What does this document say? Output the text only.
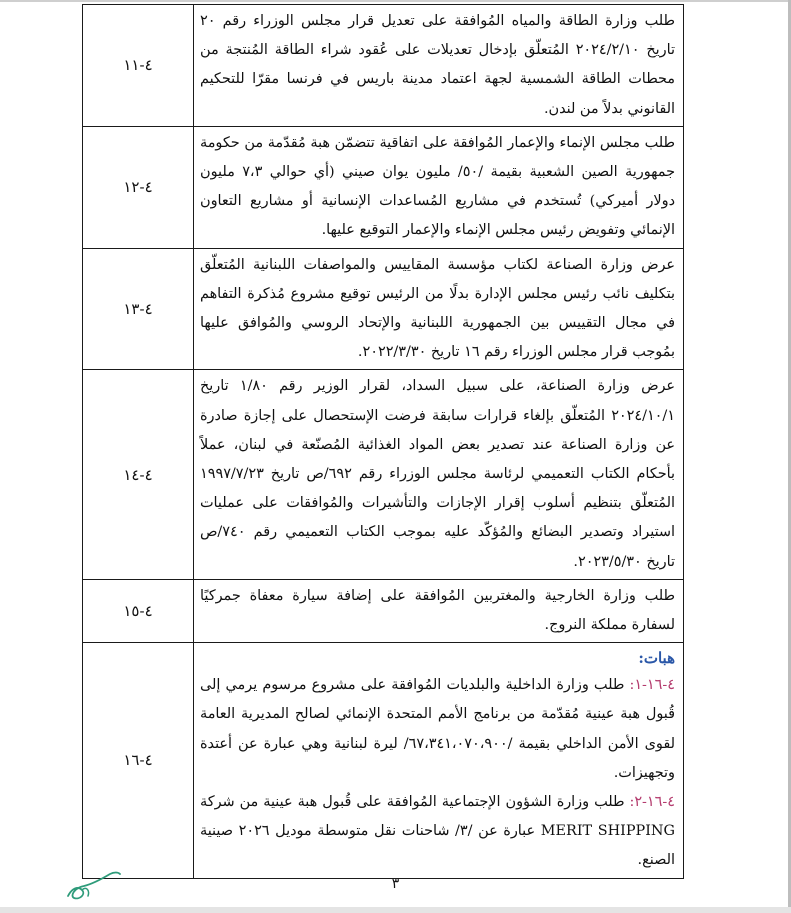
طلب وزارة الطاقة والمياه المُوافقة على تعديل قرار مجلس الوزراء رقم ٢٠ تاريخ ٢٠٢٤/٢/١٠ المُتعلّق بإدخال تعديلات على عُقود شراء الطاقة المُنتجة من محطات الطاقة الشمسية لجهة اعتماد مدينة باريس في فرنسا مقرّا للتحكيم القانوني بدلاً من لندن.	٤-١١
طلب مجلس الإنماء والإعمار المُوافقة على اتفاقية تتضمّن هبة مُقدّمة من حكومة جمهورية الصين الشعبية بقيمة /٥٠/ مليون يوان صيني (أي حوالي ٧،٣ مليون دولار أميركي) تُستخدم في مشاريع المُساعدات الإنسانية أو مشاريع التعاون الإنمائي وتفويض رئيس مجلس الإنماء والإعمار التوقيع عليها.	٤-١٢
عرض وزارة الصناعة لكتاب مؤسسة المقاييس والمواصفات اللبنانية المُتعلّق بتكليف نائب رئيس مجلس الإدارة بدلًا من الرئيس توقيع مشروع مُذكرة التفاهم في مجال التقييس بين الجمهورية اللبنانية والإتحاد الروسي والمُوافق عليها بمُوجب قرار مجلس الوزراء رقم ١٦ تاريخ ٢٠٢٢/٣/٣٠.	٤-١٣
عرض وزارة الصناعة، على سبيل السداد، لقرار الوزير رقم ١/٨٠ تاريخ ٢٠٢٤/١٠/١ المُتعلّق بإلغاء قرارات سابقة فرضت الإستحصال على إجازة صادرة عن وزارة الصناعة عند تصدير بعض المواد الغذائية المُصنّعة في لبنان، عملاً بأحكام الكتاب التعميمي لرئاسة مجلس الوزراء رقم ٦٩٢/ص تاريخ ١٩٩٧/٧/٢٣ المُتعلّق بتنظيم أسلوب إقرار الإجازات والتأشيرات والمُوافقات على عمليات استيراد وتصدير البضائع والمُؤكّد عليه بموجب الكتاب التعميمي رقم ٧٤٠/ص تاريخ ٢٠٢٣/٥/٣٠.	٤-١٤
طلب وزارة الخارجية والمغتربين المُوافقة على إضافة سيارة معفاة جمركيًا لسفارة مملكة النروج.	٤-١٥

هبات:
٤-١٦-١: طلب وزارة الداخلية والبلديات المُوافقة على مشروع مرسوم يرمي إلى قُبول هبة عينية مُقدّمة من برنامج الأمم المتحدة الإنمائي لصالح المديرية العامة لقوى الأمن الداخلي بقيمة /٦٧،٣٤١،٠٧٠،٩٠٠/ ليرة لبنانية وهي عبارة عن أعتدة وتجهيزات.
٤-١٦-٢: طلب وزارة الشؤون الإجتماعية المُوافقة على قُبول هبة عينية من شركة MERIT SHIPPING عبارة عن /٣/ شاحنات نقل متوسطة موديل ٢٠٢٦ صينية الصنع.	٤-١٦
٣
